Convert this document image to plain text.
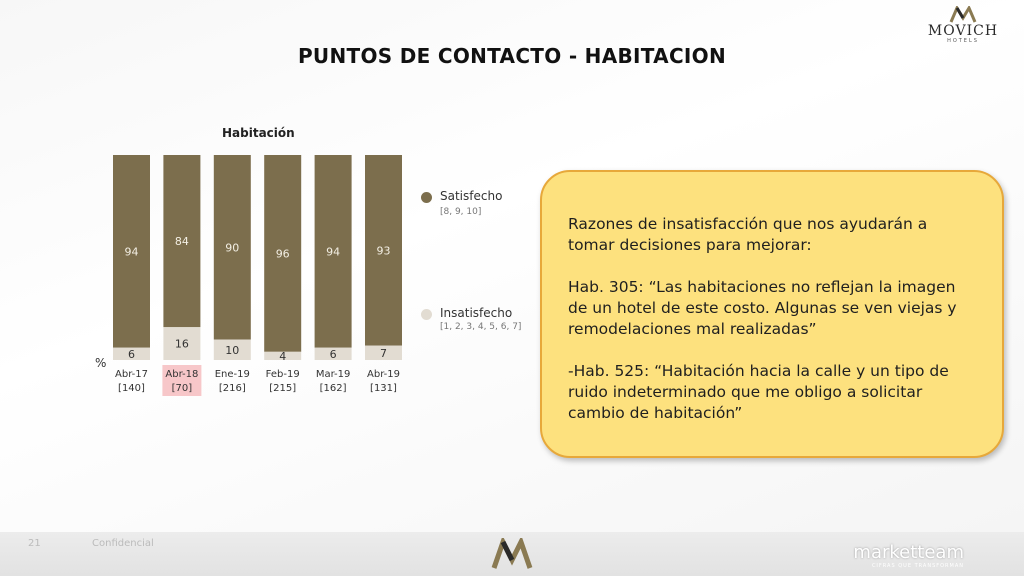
MOVICH
HOTELS
PUNTOS DE CONTACTO - HABITACION
Habitación
%
94
6
Abr-17
[140]
84
16
Abr-18
[70]
90
10
Ene-19
[216]
96
4
Feb-19
[215]
94
6
Mar-19
[162]
93
7
Abr-19
[131]
Satisfecho
[8, 9, 10]
Insatisfecho
[1, 2, 3, 4, 5, 6, 7]

Razones de insatisfacción que nos ayudarán a tomar decisiones para mejorar:

Hab. 305: “Las habitaciones no reflejan la imagen de un hotel de este costo. Algunas se ven viejas y remodelaciones mal realizadas”

-Hab. 525: “Habitación hacia la calle y un tipo de ruido indeterminado que me obligo a solicitar cambio de habitación”

21	Confidencial	marketteam
CIFRAS QUE TRANSFORMAN
